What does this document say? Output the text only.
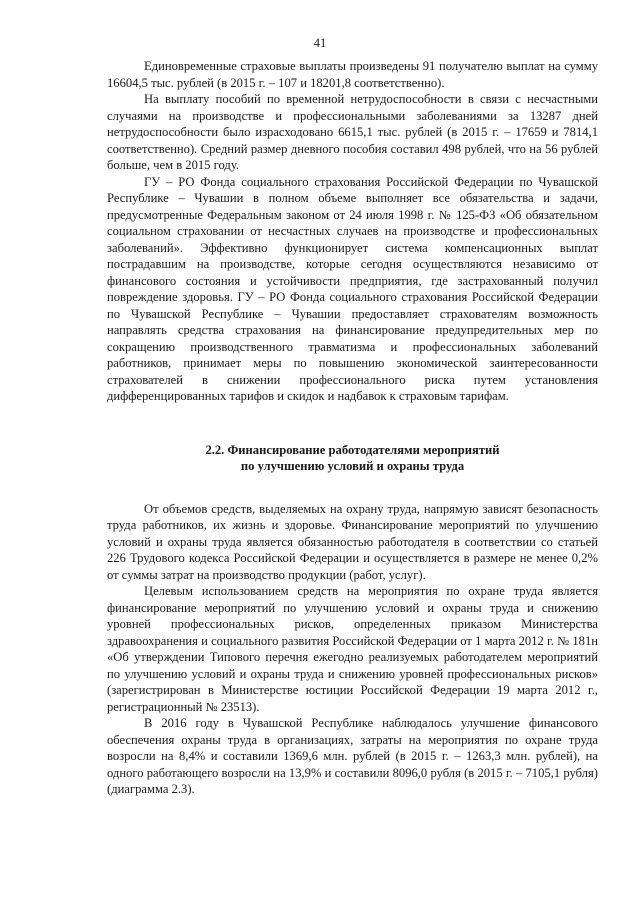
41

Единовременные страховые выплаты произведены 91 получателю выплат на сумму 16604,5 тыс. рублей (в 2015 г. – 107 и 18201,8 соответственно).

На выплату пособий по временной нетрудоспособности в связи с несчастными случаями на производстве и профессиональными заболеваниями за 13287 дней нетрудоспособности было израсходовано 6615,1 тыс. рублей (в 2015 г. – 17659 и 7814,1 соответственно). Средний размер дневного пособия составил 498 рублей, что на 56 рублей больше, чем в 2015 году.

ГУ – РО Фонда социального страхования Российской Федерации по Чувашской Республике – Чувашии в полном объеме выполняет все обязательства и задачи, предусмотренные Федеральным законом от 24 июля 1998 г. № 125-ФЗ «Об обязательном социальном страховании от несчастных случаев на производстве и профессиональных заболеваний». Эффективно функционирует система компенсационных выплат пострадавшим на производстве, которые сегодня осуществляются независимо от финансового состояния и устойчивости предприятия, где застрахованный получил повреждение здоровья. ГУ – РО Фонда социального страхования Российской Федерации по Чувашской Республике – Чувашии предоставляет страхователям возможность направлять средства страхования на финансирование предупредительных мер по сокращению производственного травматизма и профессиональных заболеваний работников, принимает меры по повышению экономической заинтересованности страхователей в снижении профессионального риска путем установления дифференцированных тарифов и скидок и надбавок к страховым тарифам.

2.2. Финансирование работодателями мероприятий
по улучшению условий и охраны труда

От объемов средств, выделяемых на охрану труда, напрямую зависят безопасность труда работников, их жизнь и здоровье. Финансирование мероприятий по улучшению условий и охраны труда является обязанностью работодателя в соответствии со статьей 226 Трудового кодекса Российской Федерации и осуществляется в размере не менее 0,2% от суммы затрат на производство продукции (работ, услуг).

Целевым использованием средств на мероприятия по охране труда является финансирование мероприятий по улучшению условий и охраны труда и снижению уровней профессиональных рисков, определенных приказом Министерства здравоохранения и социального развития Российской Федерации от 1 марта 2012 г. № 181н «Об утверждении Типового перечня ежегодно реализуемых работодателем мероприятий по улучшению условий и охраны труда и снижению уровней профессиональных рисков» (зарегистрирован в Министерстве юстиции Российской Федерации 19 марта 2012 г., регистрационный № 23513).

В 2016 году в Чувашской Республике наблюдалось улучшение финансового обеспечения охраны труда в организациях, затраты на мероприятия по охране труда возросли на 8,4% и составили 1369,6 млн. рублей (в 2015 г. – 1263,3 млн. рублей), на одного работающего возросли на 13,9% и составили 8096,0 рубля (в 2015 г. – 7105,1 рубля) (диаграмма 2.3).
